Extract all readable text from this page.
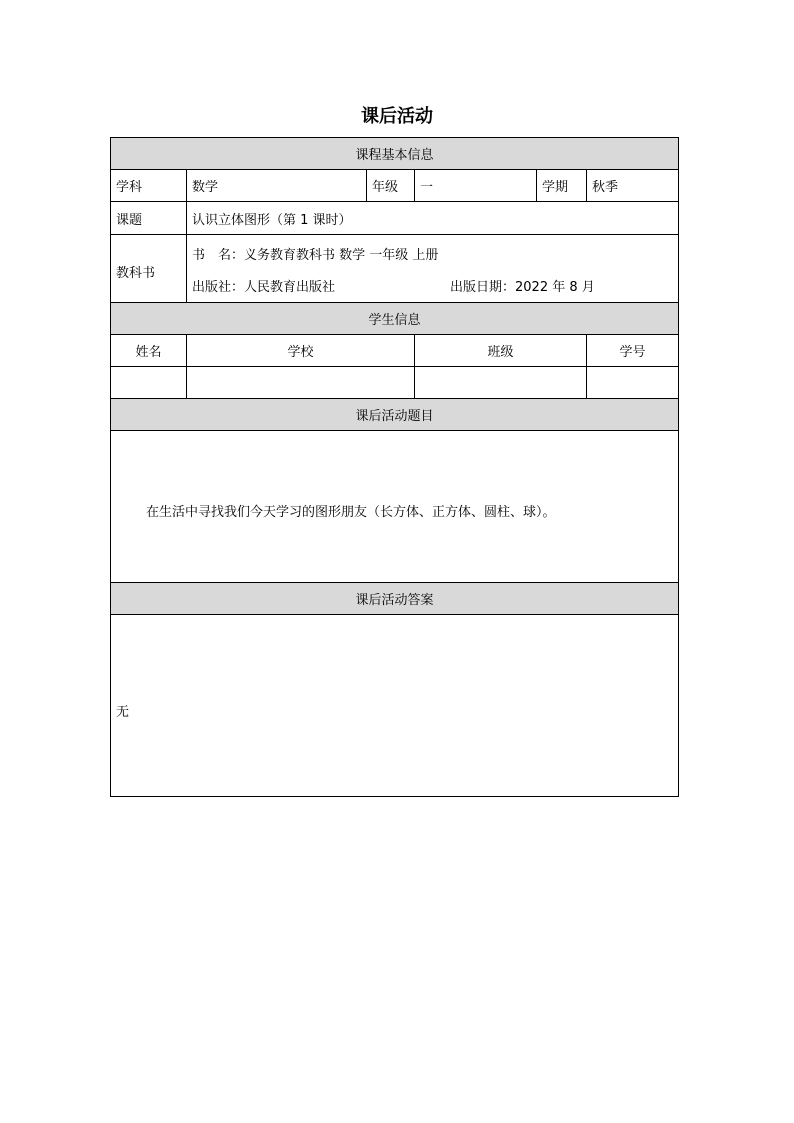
课后活动
课程基本信息					
学科	数学	年级	一	学期	秋季
课题	认识立体图形（第 1 课时）				
教科书	书　名：义务教育教科书 数学 一年级 上册
出版社：人民教育出版社 出版日期：2022 年 8 月				

学生信息					
姓名	学校		班级		学号

课后活动题目					

在生活中寻找我们今天学习的图形朋友（长方体、正方体、圆柱、球）。					

课后活动答案					

无					
